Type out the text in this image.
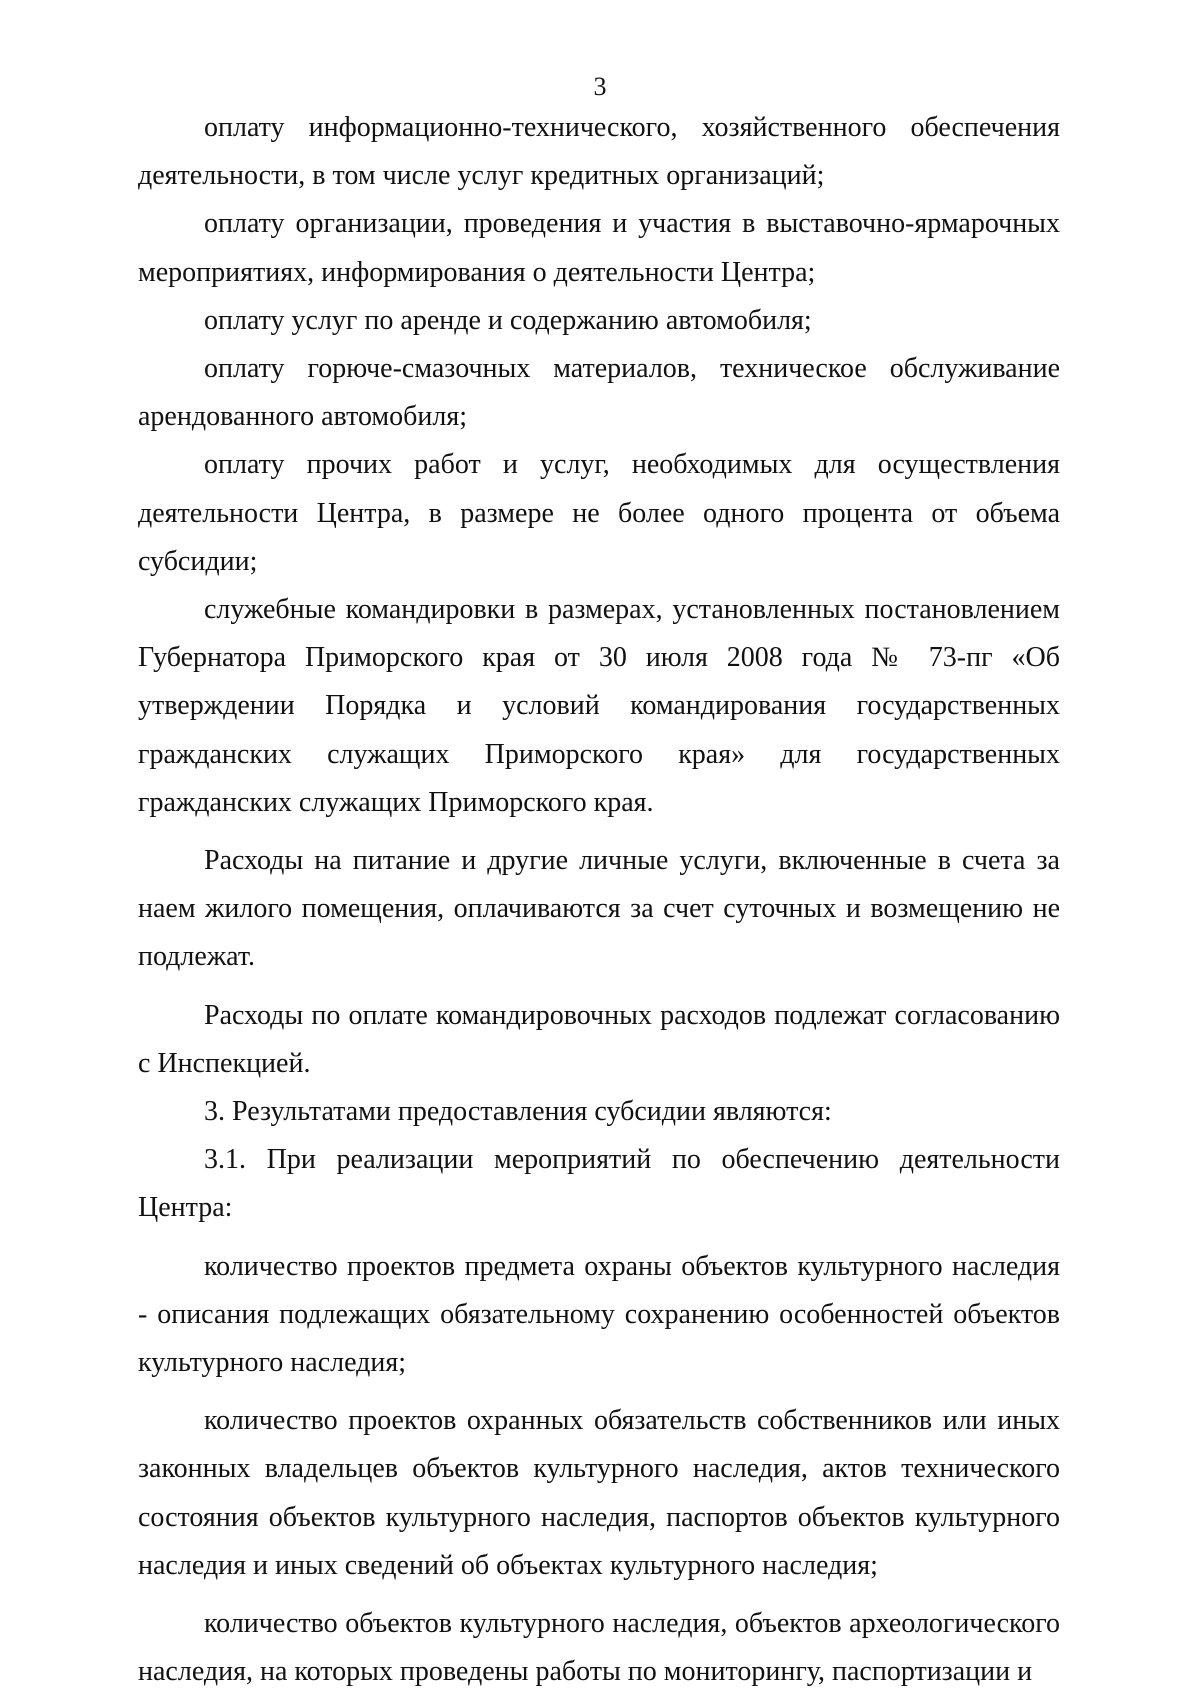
3

оплату информационно-технического, хозяйственного обеспечения деятельности, в том числе услуг кредитных организаций;

оплату организации, проведения и участия в выставочно-ярмарочных мероприятиях, информирования о деятельности Центра;

оплату услуг по аренде и содержанию автомобиля;

оплату горюче-смазочных материалов, техническое обслуживание арендованного автомобиля;

оплату прочих работ и услуг, необходимых для осуществления деятельности Центра, в размере не более одного процента от объема субсидии;

служебные командировки в размерах, установленных постановлением Губернатора Приморского края от 30 июля 2008 года № 73-пг «Об утверждении Порядка и условий командирования государственных гражданских служащих Приморского края» для государственных гражданских служащих Приморского края.

Расходы на питание и другие личные услуги, включенные в счета за наем жилого помещения, оплачиваются за счет суточных и возмещению не подлежат.

Расходы по оплате командировочных расходов подлежат согласованию с Инспекцией.

3. Результатами предоставления субсидии являются:

3.1. При реализации мероприятий по обеспечению деятельности Центра:

количество проектов предмета охраны объектов культурного наследия - описания подлежащих обязательному сохранению особенностей объектов культурного наследия;

количество проектов охранных обязательств собственников или иных законных владельцев объектов культурного наследия, актов технического состояния объектов культурного наследия, паспортов объектов культурного наследия и иных сведений об объектах культурного наследия;

количество объектов культурного наследия, объектов археологического наследия, на которых проведены работы по мониторингу, паспортизации и
